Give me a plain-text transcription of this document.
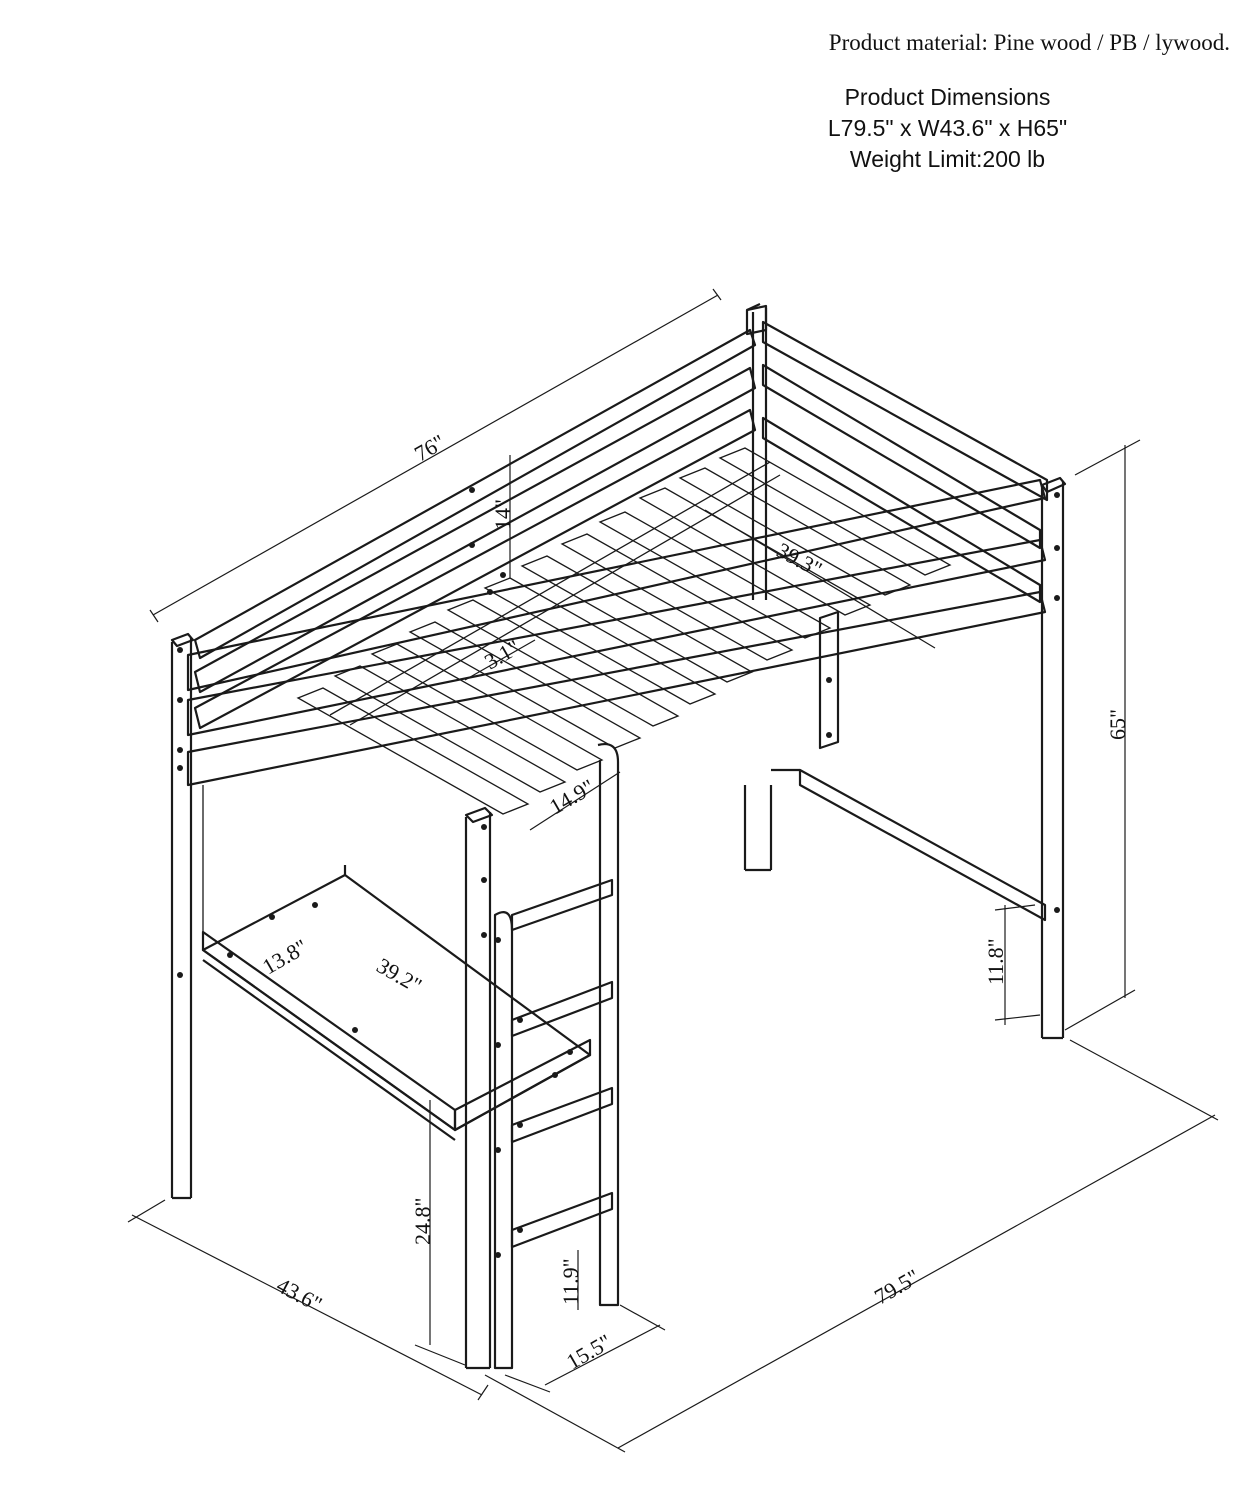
Product material: Pine wood / PB / lywood.
Product Dimensions
L79.5" x W43.6" x H65"
Weight Limit:200 lb
76"
14"
39.3"
3.1"
14.9"
13.8"	39.2"
65"
11.8"
24.8"
11.9"
15.5"
43.6"	79.5"
